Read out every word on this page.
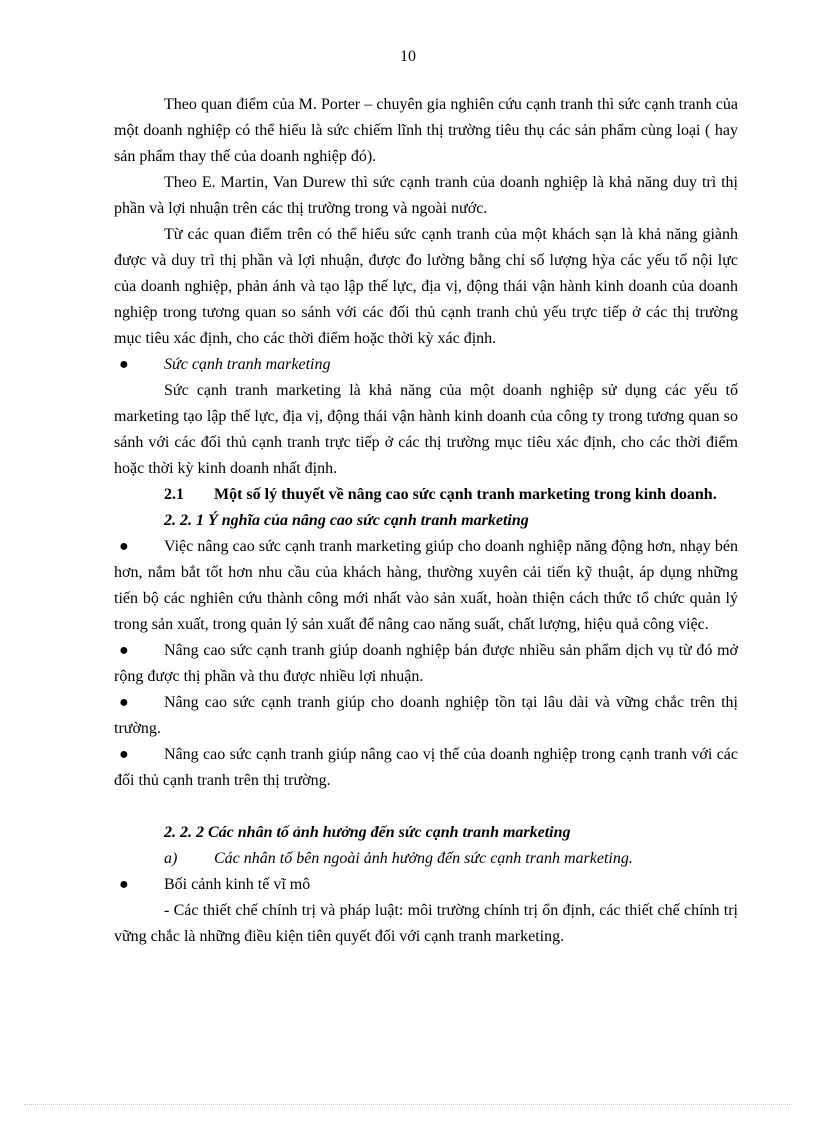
10

Theo quan điểm của M. Porter – chuyên gia nghiên cứu cạnh tranh thì sức cạnh tranh của một doanh nghiệp có thể hiểu là sức chiếm lĩnh thị trường tiêu thụ các sản phẩm cùng loại ( hay sản phẩm thay thế của doanh nghiệp đó).

Theo E. Martin, Van Durew thì sức cạnh tranh của doanh nghiệp là khả năng duy trì thị phần và lợi nhuận trên các thị trường trong và ngoài nước.

Từ các quan điểm trên có thể hiểu sức cạnh tranh của một khách sạn là khả năng giành được và duy trì thị phần và lợi nhuận, được đo lường bằng chỉ số lượng hỳa các yếu tố nội lực của doanh nghiệp, phản ánh và tạo lập thế lực, địa vị, động thái vận hành kinh doanh của doanh nghiệp trong tương quan so sánh với các đối thủ cạnh tranh chủ yếu trực tiếp ở các thị trường mục tiêu xác định, cho các thời điểm hoặc thời kỳ xác định.

● Sức cạnh tranh marketing

Sức cạnh tranh marketing là khả năng của một doanh nghiệp sử dụng các yếu tố marketing tạo lập thế lực, địa vị, động thái vận hành kinh doanh của công ty trong tương quan so sánh với các đối thủ cạnh tranh trực tiếp ở các thị trường mục tiêu xác định, cho các thời điểm hoặc thời kỳ kinh doanh nhất định.

2.1 Một số lý thuyết về nâng cao sức cạnh tranh marketing trong kinh doanh.

2. 2. 1 Ý nghĩa của nâng cao sức cạnh tranh marketing

● Việc nâng cao sức cạnh tranh marketing giúp cho doanh nghiệp năng động hơn, nhạy bén hơn, nắm bắt tốt hơn nhu cầu của khách hàng, thường xuyên cải tiến kỹ thuật, áp dụng những tiến bộ các nghiên cứu thành công mới nhất vào sản xuất, hoàn thiện cách thức tổ chức quản lý trong sản xuất, trong quản lý sản xuất để nâng cao năng suất, chất lượng, hiệu quả công việc.

● Nâng cao sức cạnh tranh giúp doanh nghiệp bán được nhiều sản phẩm dịch vụ từ đó mở rộng được thị phần và thu được nhiều lợi nhuận.

● Nâng cao sức cạnh tranh giúp cho doanh nghiệp tồn tại lâu dài và vững chắc trên thị trường.

● Nâng cao sức cạnh tranh giúp nâng cao vị thế của doanh nghiệp trong cạnh tranh với các đối thủ cạnh tranh trên thị trường.

2. 2. 2 Các nhân tố ảnh hưởng đến sức cạnh tranh marketing

a) Các nhân tố bên ngoài ảnh hưởng đến sức cạnh tranh marketing.

● Bối cảnh kinh tế vĩ mô

- Các thiết chế chính trị và pháp luật: môi trường chính trị ổn định, các thiết chế chính trị vững chắc là những điều kiện tiên quyết đối với cạnh tranh marketing.
